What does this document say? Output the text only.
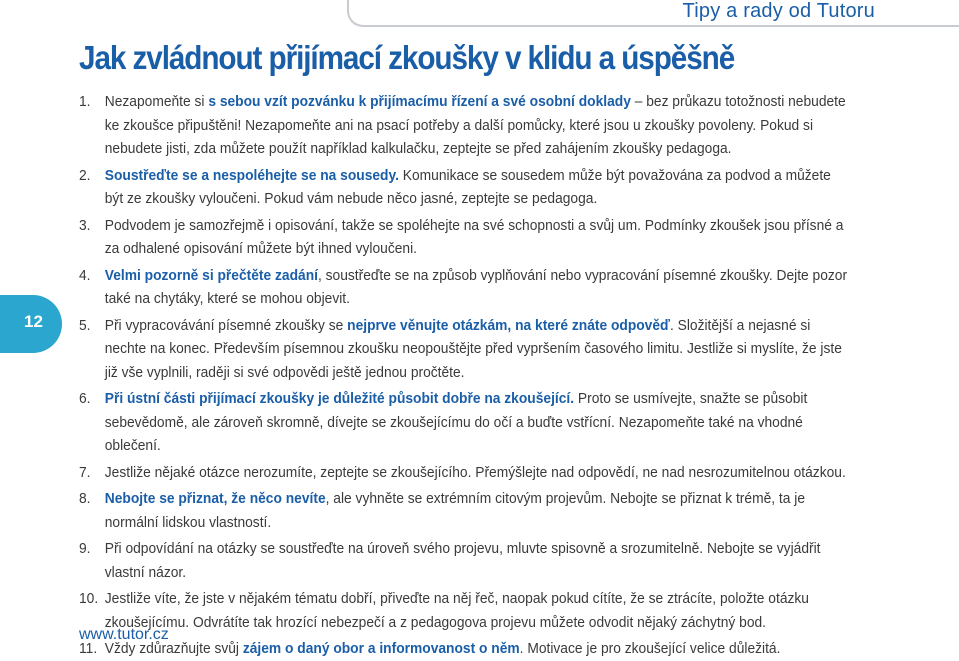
Tipy a rady od Tutoru
Jak zvládnout přijímací zkoušky v klidu a úspěšně
12
1. Nezapomeňte si s sebou vzít pozvánku k přijímacímu řízení a své osobní doklady – bez průkazu totožnosti nebudete ke zkoušce připuštěni! Nezapomeňte ani na psací potřeby a další pomůcky, které jsou u zkoušky povoleny. Pokud si nebudete jisti, zda můžete použít například kalkulačku, zeptejte se před zahájením zkoušky pedagoga.
2. Soustřeďte se a nespoléhejte se na sousedy. Komunikace se sousedem může být považována za podvod a můžete být ze zkoušky vyloučeni. Pokud vám nebude něco jasné, zeptejte se pedagoga.
3. Podvodem je samozřejmě i opisování, takže se spoléhejte na své schopnosti a svůj um. Podmínky zkoušek jsou přísné a za odhalené opisování můžete být ihned vyloučeni.
4. Velmi pozorně si přečtěte zadání, soustřeďte se na způsob vyplňování nebo vypracování písemné zkoušky. Dejte pozor také na chytáky, které se mohou objevit.
5. Při vypracovávání písemné zkoušky se nejprve věnujte otázkám, na které znáte odpověď. Složitější a nejasné si nechte na konec. Především písemnou zkoušku neopouštějte před vypršením časového limitu. Jestliže si myslíte, že jste již vše vyplnili, raději si své odpovědi ještě jednou pročtěte.
6. Při ústní části přijímací zkoušky je důležité působit dobře na zkoušející. Proto se usmívejte, snažte se působit sebevědomě, ale zároveň skromně, dívejte se zkoušejícímu do očí a buďte vstřícní. Nezapomeňte také na vhodné oblečení.
7. Jestliže nějaké otázce nerozumíte, zeptejte se zkoušejícího. Přemýšlejte nad odpovědí, ne nad nesrozumitelnou otázkou.
8. Nebojte se přiznat, že něco nevíte, ale vyhněte se extrémním citovým projevům. Nebojte se přiznat k trémě, ta je normální lidskou vlastností.
9. Při odpovídání na otázky se soustřeďte na úroveň svého projevu, mluvte spisovně a srozumitelně. Nebojte se vyjádřit vlastní názor.
10. Jestliže víte, že jste v nějakém tématu dobří, přiveďte na něj řeč, naopak pokud cítíte, že se ztrácíte, položte otázku zkoušejícímu. Odvrátíte tak hrozící nebezpečí a z pedagogova projevu můžete odvodit nějaký záchytný bod.
11. Vždy zdůrazňujte svůj zájem o daný obor a informovanost o něm. Motivace je pro zkoušející velice důležitá.
www.tutor.cz
